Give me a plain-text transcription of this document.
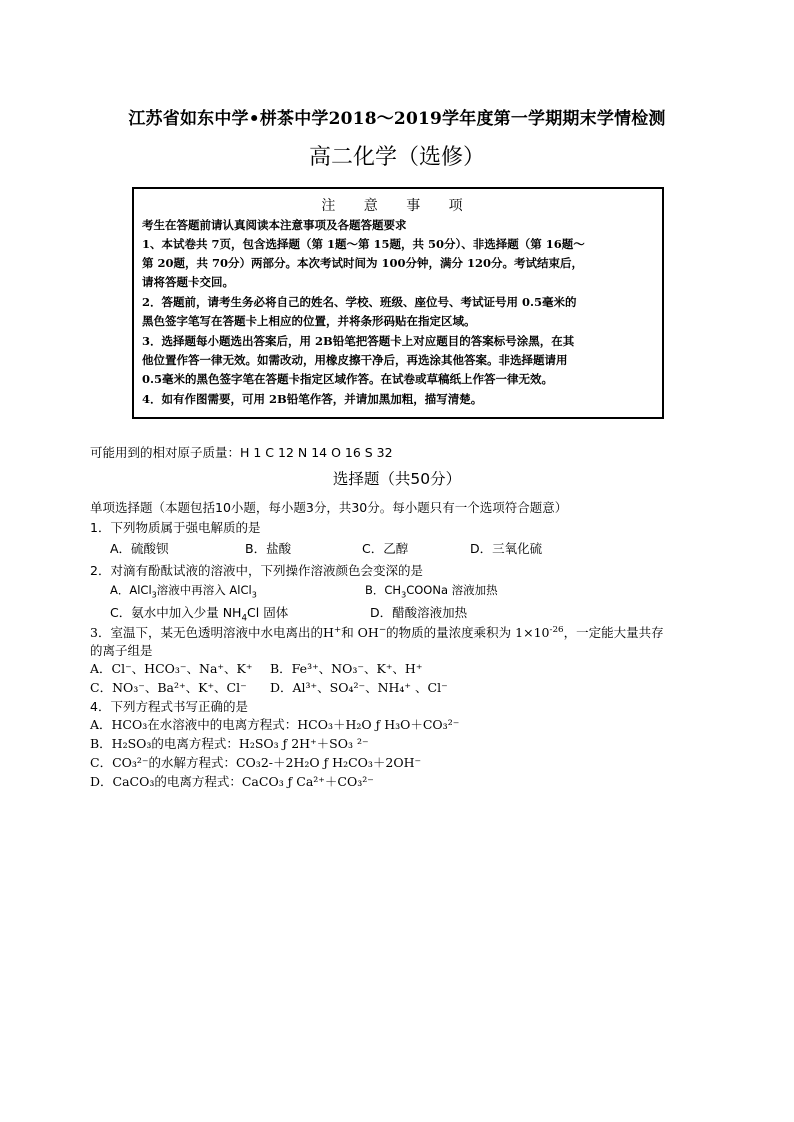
江苏省如东中学•栟茶中学2018～2019学年度第一学期期末学情检测
高二化学（选修）
注 意 事 项
考生在答题前请认真阅读本注意事项及各题答题要求
1、本试卷共 7页，包含选择题（第 1题～第 15题，共 50分）、非选择题（第 16题～
第 20题，共 70分）两部分。本次考试时间为 100分钟，满分 120分。考试结束后，
请将答题卡交回。
2．答题前，请考生务必将自己的姓名、学校、班级、座位号、考试证号用 0.5毫米的
黑色签字笔写在答题卡上相应的位置，并将条形码贴在指定区域。
3．选择题每小题选出答案后，用 2B铅笔把答题卡上对应题目的答案标号涂黑，在其
他位置作答一律无效。如需改动，用橡皮擦干净后，再选涂其他答案。非选择题请用
0.5毫米的黑色签字笔在答题卡指定区域作答。在试卷或草稿纸上作答一律无效。
4．如有作图需要，可用 2B铅笔作答，并请加黑加粗，描写清楚。
可能用到的相对原子质量：H 1 C 12 N 14 O 16 S 32
选择题（共50分）
单项选择题（本题包括10小题，每小题3分，共30分。每小题只有一个选项符合题意）
1．下列物质属于强电解质的是
A．硫酸钡	B．盐酸	C．乙醇	D．三氧化硫
2．对滴有酚酞试液的溶液中，下列操作溶液颜色会变深的是
A．AlCl$_3$溶液中再溶入 AlCl$_3$	B．$CH_3COONa$ 溶液加热
C．氨水中加入少量 $NH_4Cl$ 固体	D．醋酸溶液加热
3．室温下，某无色透明溶液中水电离出的H+和 OH−的物质的量浓度乘积为 $1\times 10^{-26}$，一定能大量共存
的离子组是
A．Cl⁻、HCO₃⁻、Na⁺、K⁺ B．Fe³⁺、NO₃⁻、K⁺、H⁺
C．NO₃⁻、Ba²⁺、K⁺、Cl⁻ D．Al³⁺、SO₄²⁻、NH₄⁺ 、Cl⁻
4．下列方程式书写正确的是
A．HCO₃在水溶液中的电离方程式：HCO₃＋H₂O ƒ H₃O＋CO₃²⁻
B．H₂SO₃的电离方程式：H₂SO₃ ƒ 2H⁺＋SO₃ ²⁻
C．CO₃²⁻的水解方程式：CO₃2-＋2H₂O ƒ H₂CO₃＋2OH⁻
D．CaCO₃的电离方程式：CaCO₃ ƒ Ca²⁺＋CO₃²⁻
